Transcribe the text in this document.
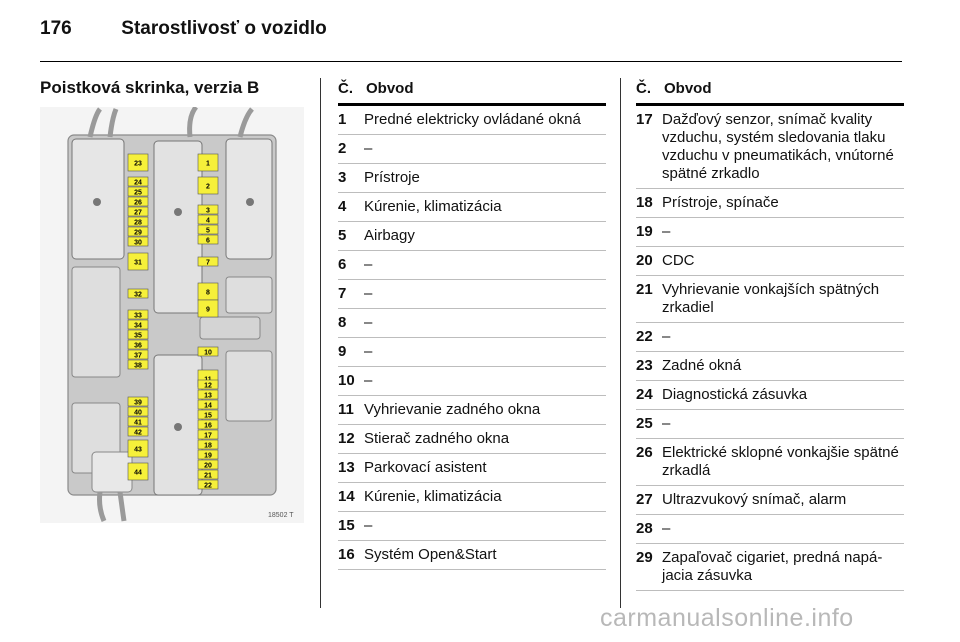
176	Starostlivosť o vozidlo
Poistková skrinka, verzia B
23
24
25
26
27
28
29
30
31
32
33
34
35
36
37
38
39
40
41
42
43
44
1
2
3
4
5
6
7
8
9
10
12
13
14
15
16
17
18
19
20
21
22
18502 T
Č. Obvod
1	Predné elektricky ovládané okná
2	–
3	Prístroje
4	Kúrenie, klimatizácia
5	Airbagy
6	–
7	–
8	–
9	–
10 –
11 Vyhrievanie zadného okna
12 Stierač zadného okna
13 Parkovací asistent
14 Kúrenie, klimatizácia
15 –
16 Systém Open&Start
Č. Obvod
17 Dažďový senzor, snímač kvality vzduchu, systém sledovania tlaku vzduchu v pneumatikách, vnútorné spätné zrkadlo
18 Prístroje, spínače
19 –
20 CDC
21 Vyhrievanie vonkajších spätných zrkadiel
22 –
23 Zadné okná
24 Diagnostická zásuvka
25 –
26 Elektrické sklopné vonkajšie spätné zrkadlá
27 Ultrazvukový snímač, alarm
28 –
29 Zapaľovač cigariet, predná napá- jacia zásuvka
carmanualsonline.info
